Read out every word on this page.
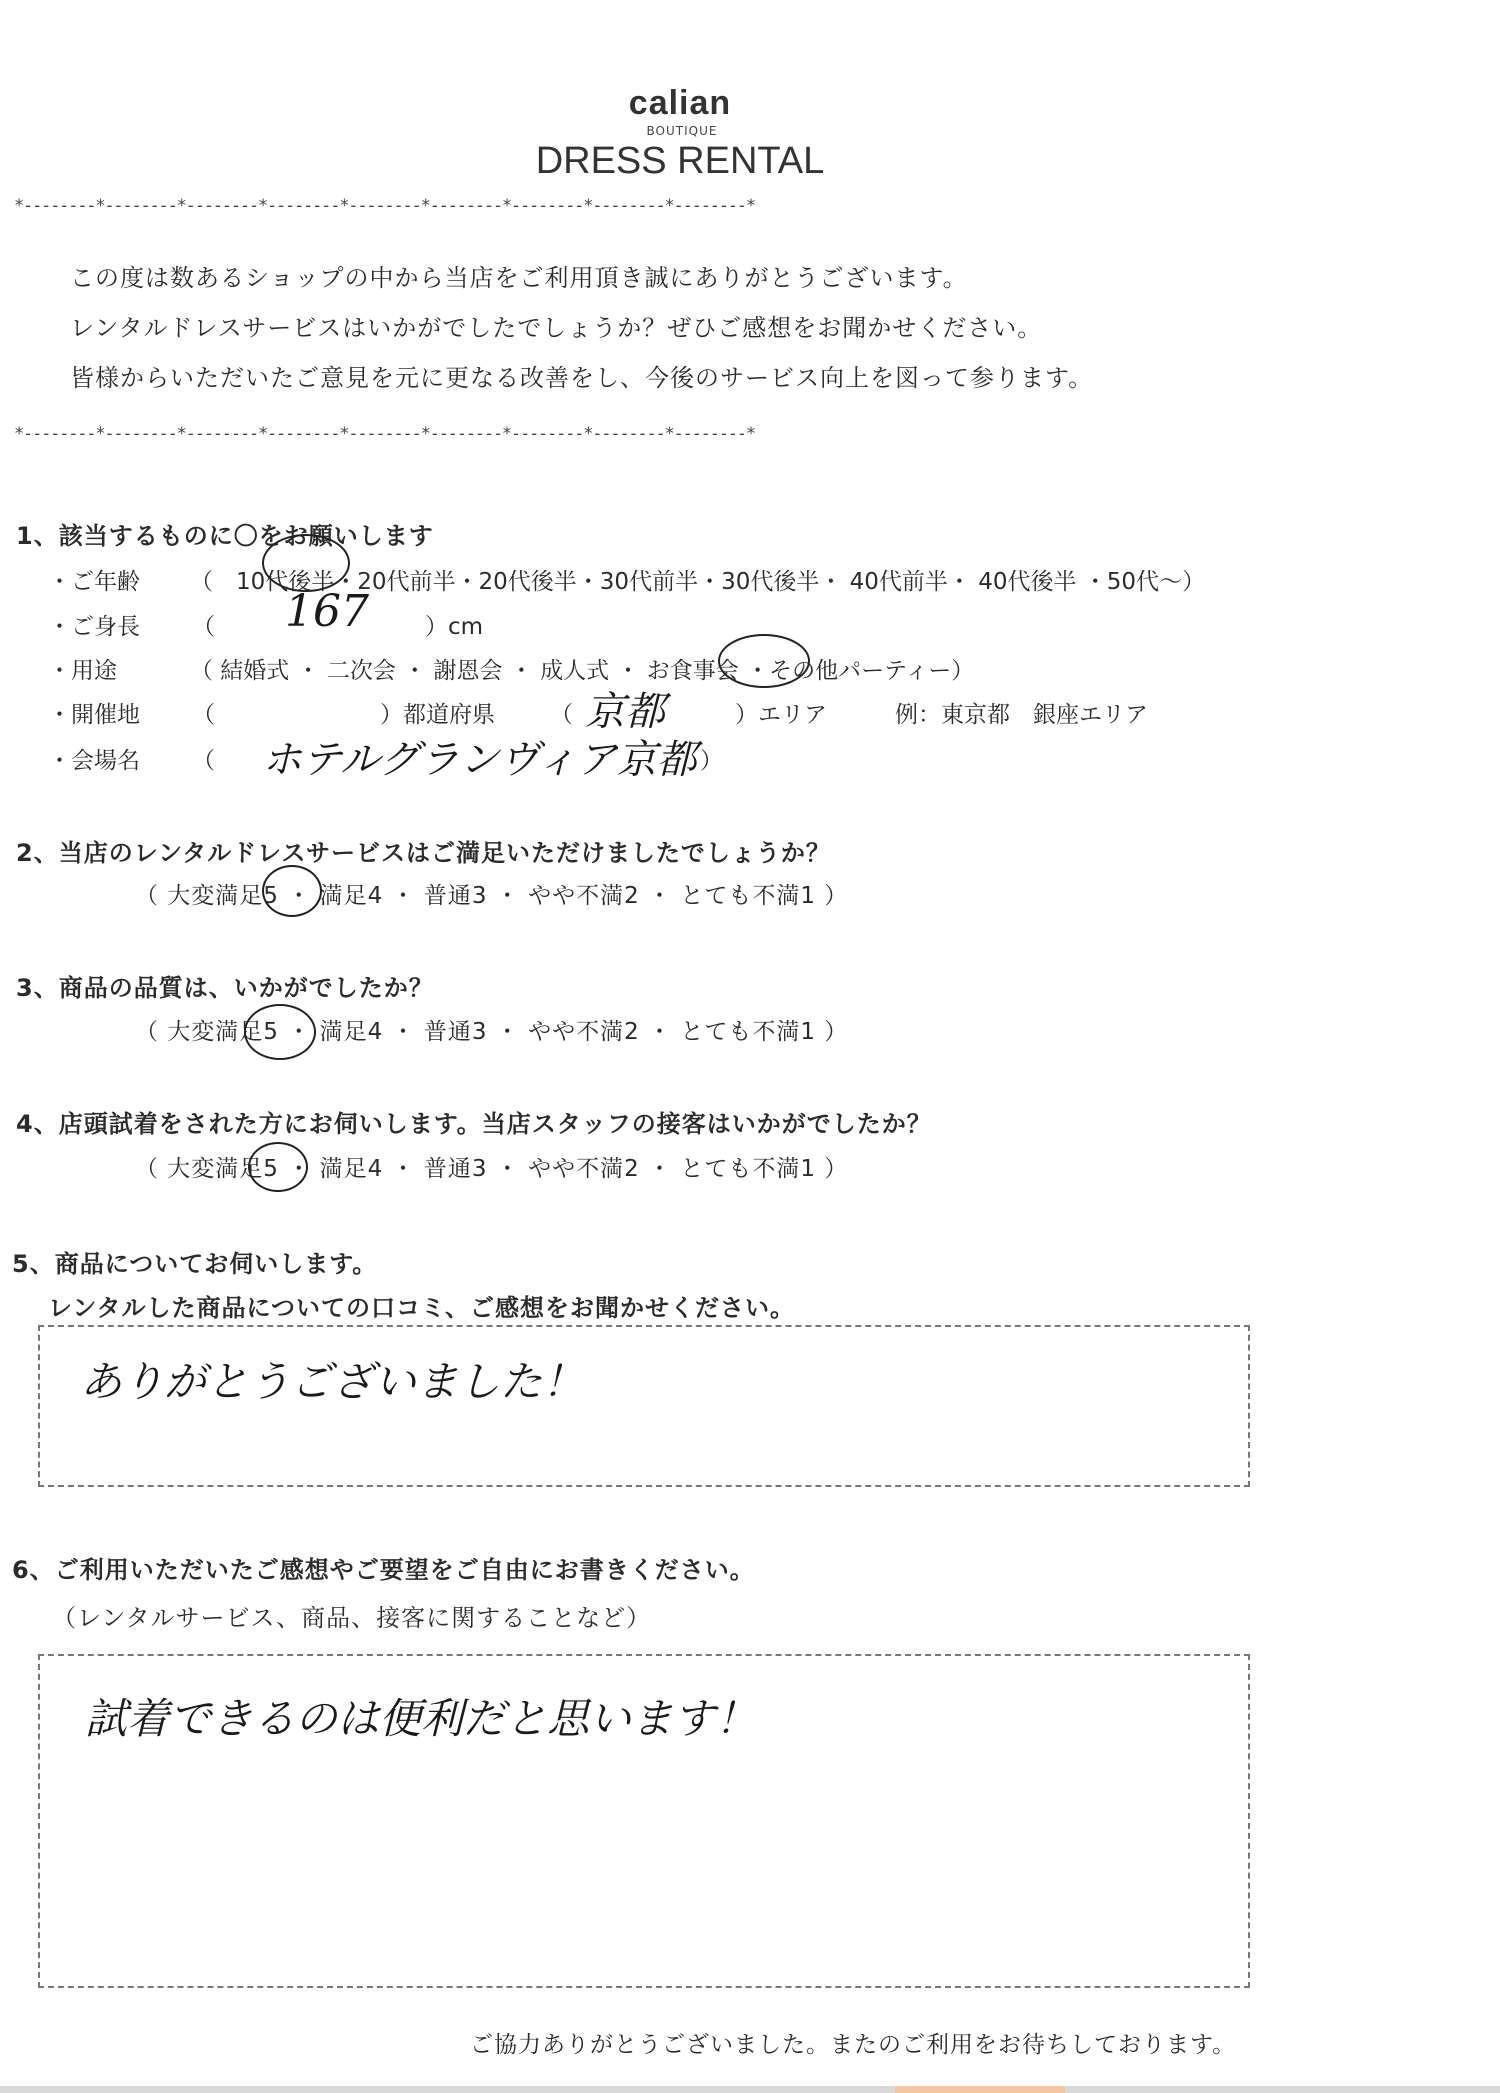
calian
BOUTIQUE
DRESS RENTAL
*--------*--------*--------*--------*--------*--------*--------*--------*--------*
この度は数あるショップの中から当店をご利用頂き誠にありがとうございます。
レンタルドレスサービスはいかがでしたでしょうか？ぜひご感想をお聞かせください。
皆様からいただいたご意見を元に更なる改善をし、今後のサービス向上を図って参ります。
*--------*--------*--------*--------*--------*--------*--------*--------*--------*
1、該当するものに〇をお願いします
・ご年齢 （　10代後半・20代前半・20代後半・30代前半・30代後半・ 40代前半・ 40代後半 ・50代～）
・ご身長 （ 167 ）cm
・用途	（ 結婚式 ・ 二次会 ・ 謝恩会 ・ 成人式 ・ お食事会 ・その他パーティー）
・開催地 （	）都道府県 （ 京都	）エリア	例：東京都　銀座エリア
・会場名 （ ホテルグランヴィア京都 ）
2、当店のレンタルドレスサービスはご満足いただけましたでしょうか？
（ 大変満足5 ・ 満足4 ・ 普通3 ・ やや不満2 ・ とても不満1 ）
3、商品の品質は、いかがでしたか？
（ 大変満足5 ・ 満足4 ・ 普通3 ・ やや不満2 ・ とても不満1 ）
4、店頭試着をされた方にお伺いします。当店スタッフの接客はいかがでしたか？
（ 大変満足5 ・ 満足4 ・ 普通3 ・ やや不満2 ・ とても不満1 ）
5、商品についてお伺いします。
レンタルした商品についての口コミ、ご感想をお聞かせください。
ありがとうございました！
6、ご利用いただいたご感想やご要望をご自由にお書きください。
（レンタルサービス、商品、接客に関することなど）
試着できるのは便利だと思います！
ご協力ありがとうございました。またのご利用をお待ちしております。
